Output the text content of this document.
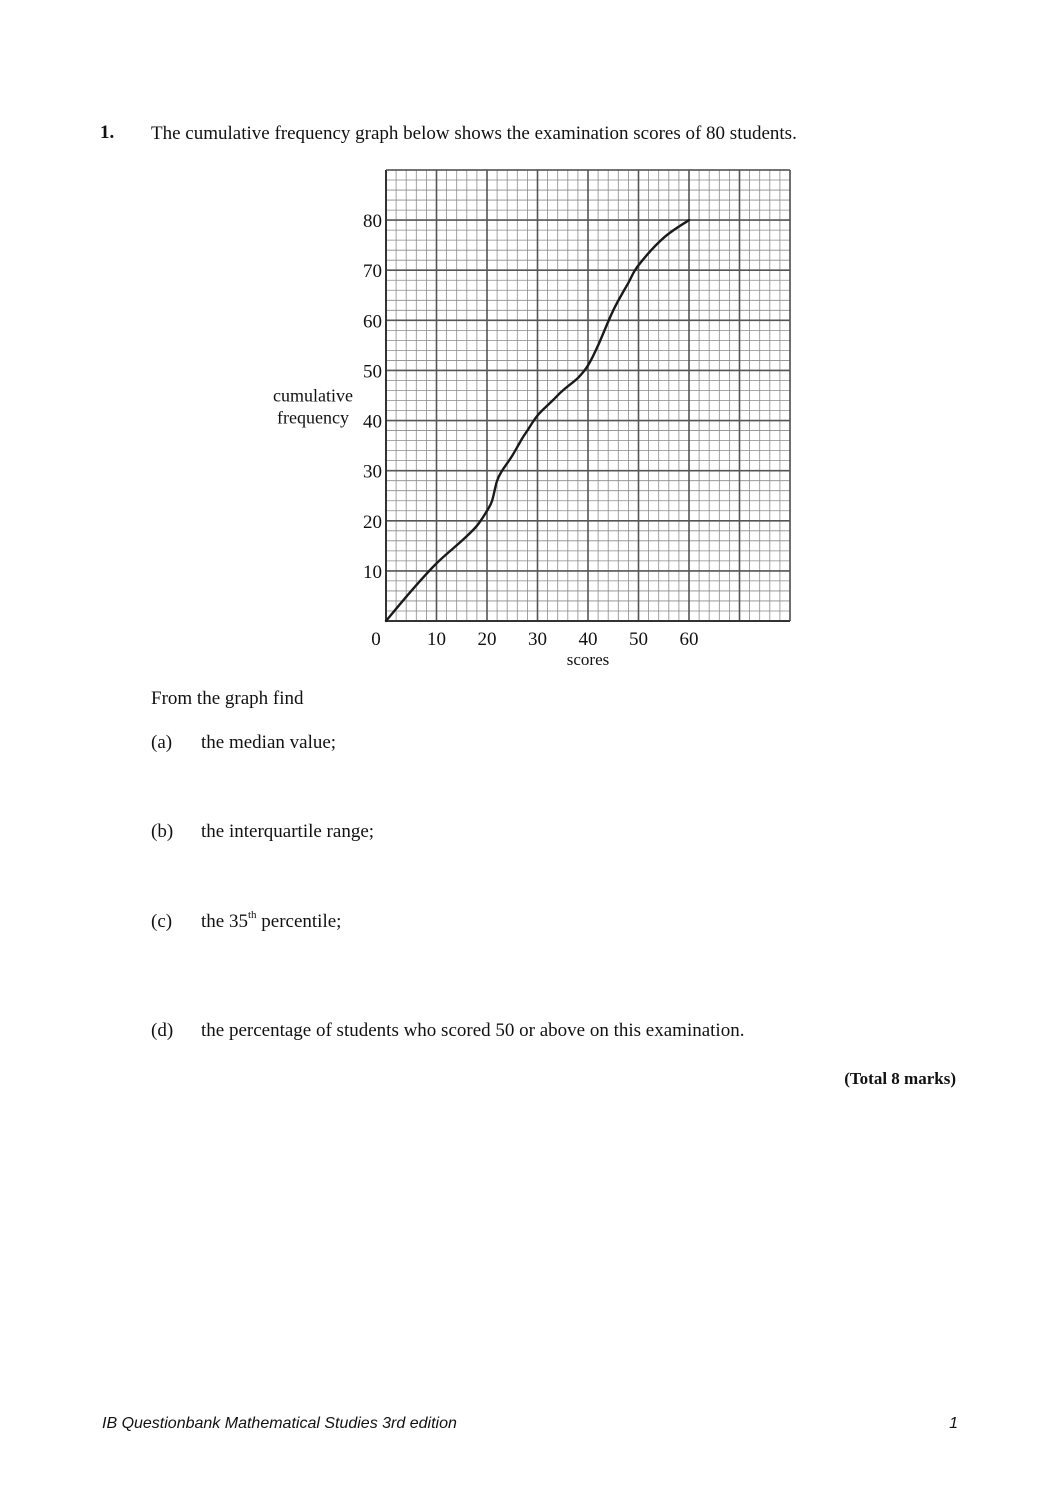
1. The cumulative frequency graph below shows the examination scores of 80 students.
10
20
30
40
50
60
70
80
0 10 20 30 40 50 60
cumulative
frequency
scores
From the graph find
(a) the median value;
(b) the interquartile range;
(c) the 35th percentile;
(d) the percentage of students who scored 50 or above on this examination.
(Total 8 marks)
IB Questionbank Mathematical Studies 3rd edition	1
